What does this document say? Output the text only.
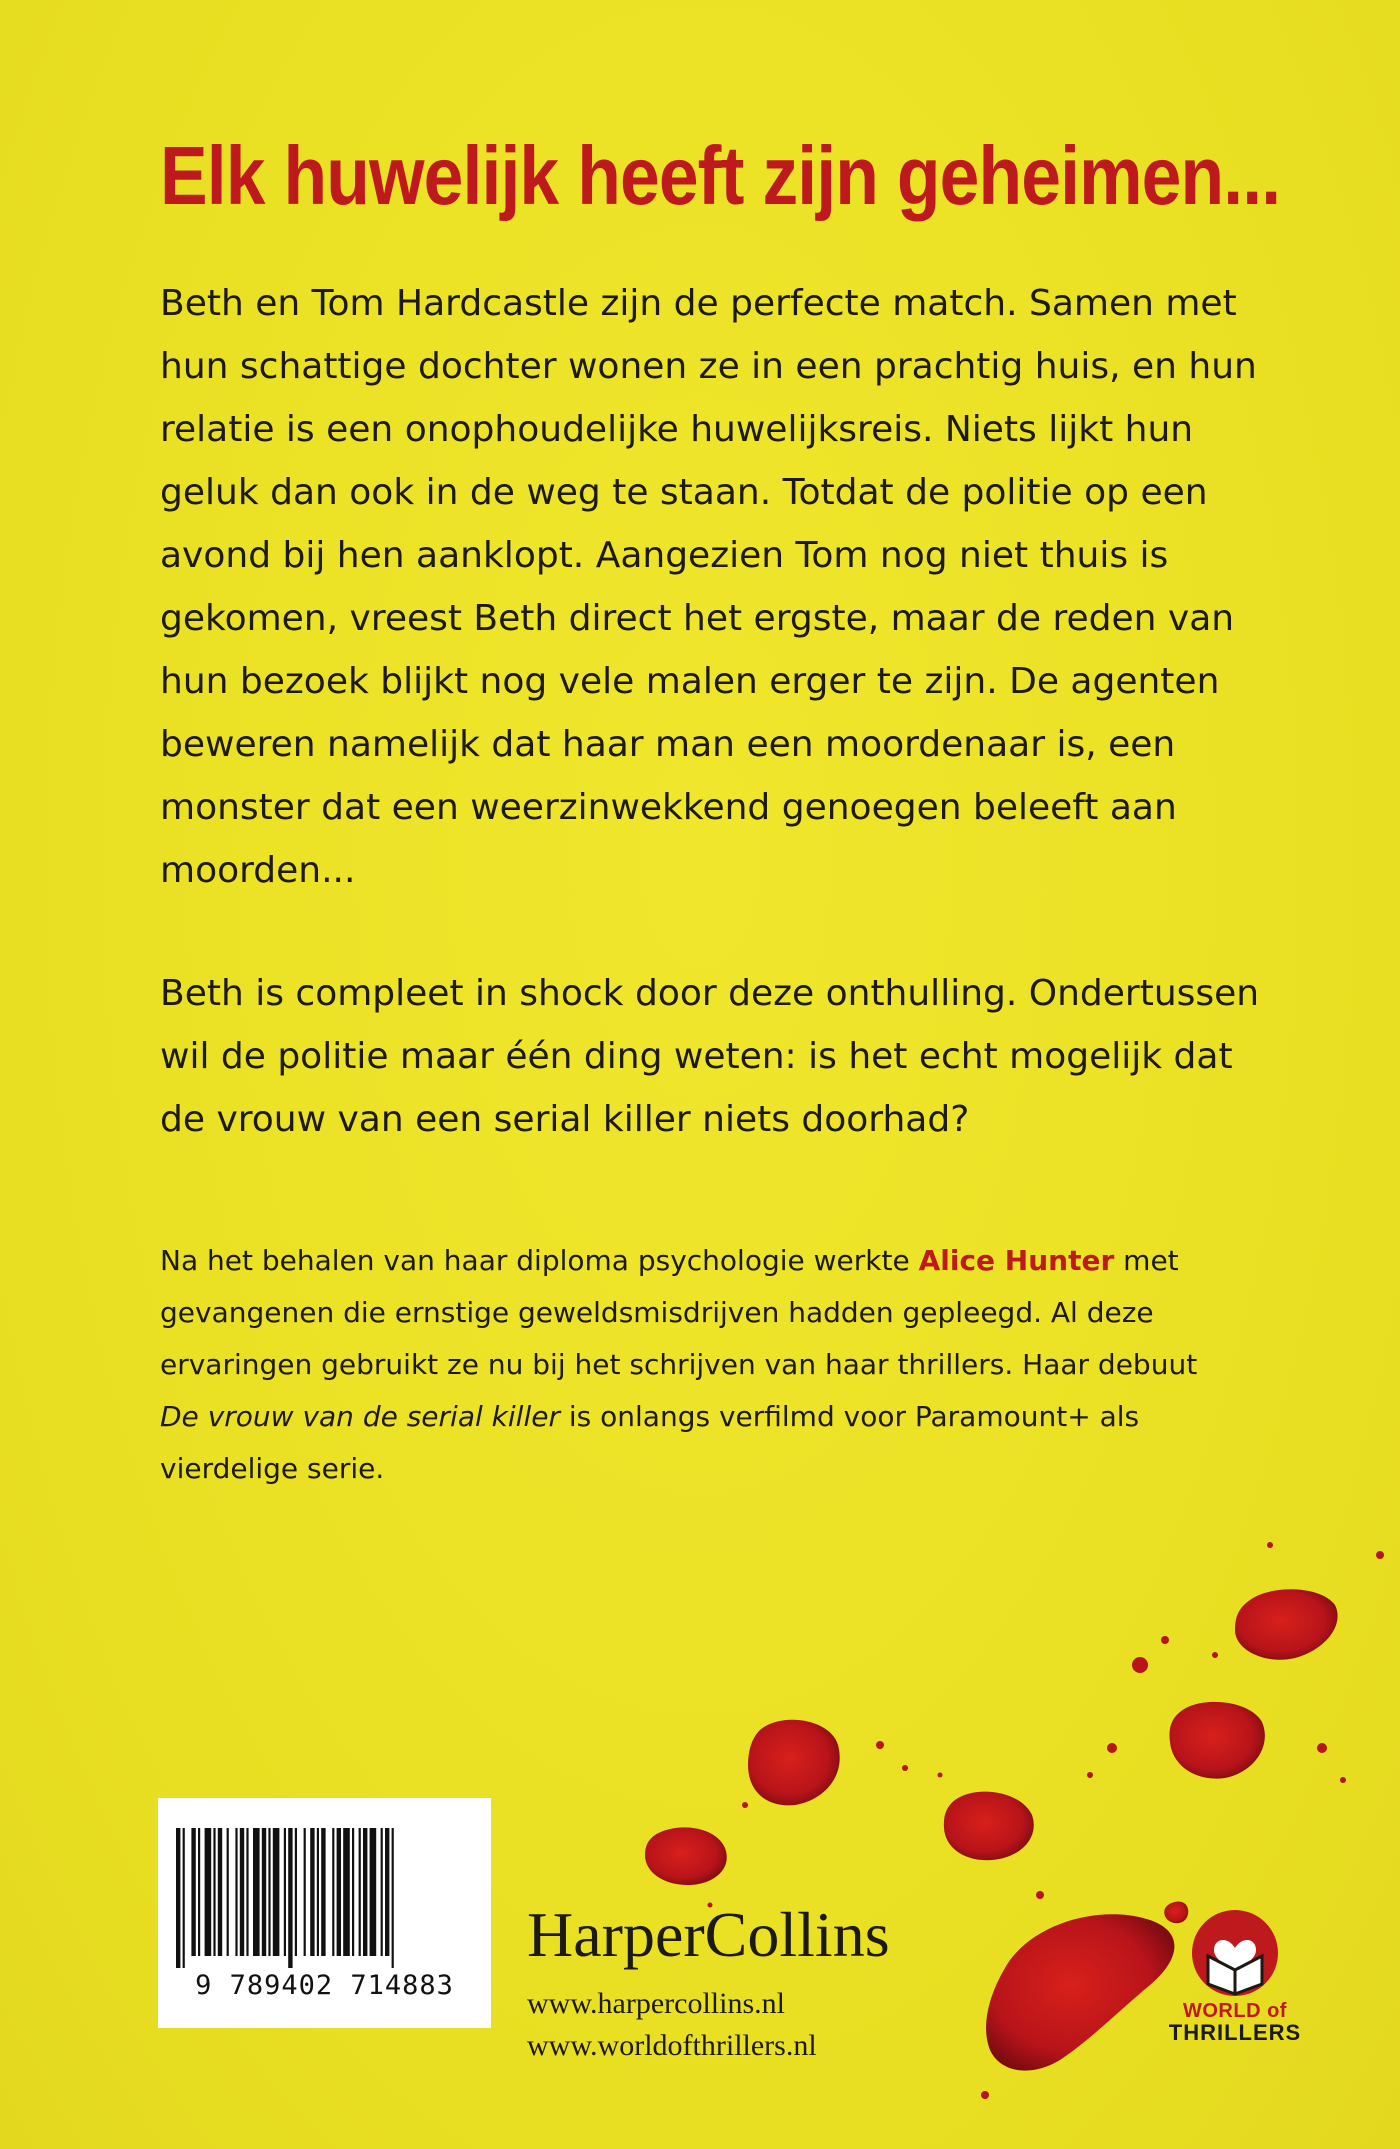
Elk huwelijk heeft zijn geheimen...

Beth en Tom Hardcastle zijn de perfecte match. Samen met hun schattige dochter wonen ze in een prachtig huis, en hun relatie is een onophoudelijke huwelijksreis. Niets lijkt hun geluk dan ook in de weg te staan. Totdat de politie op een avond bij hen aanklopt. Aangezien Tom nog niet thuis is gekomen, vreest Beth direct het ergste, maar de reden van hun bezoek blijkt nog vele malen erger te zijn. De agenten beweren namelijk dat haar man een moordenaar is, een monster dat een weerzinwekkend genoegen beleeft aan moorden...

Beth is compleet in shock door deze onthulling. Ondertussen wil de politie maar één ding weten: is het echt mogelijk dat de vrouw van een serial killer niets doorhad?

Na het behalen van haar diploma psychologie werkte Alice Hunter met gevangenen die ernstige geweldsmisdrijven hadden gepleegd. Al deze ervaringen gebruikt ze nu bij het schrijven van haar thrillers. Haar debuut De vrouw van de serial killer is onlangs verfilmd voor Paramount+ als vierdelige serie.

9 789402 714883
HarperCollins
www.harpercollins.nl
www.worldofthrillers.nl
WORLD of
THRILLERS
